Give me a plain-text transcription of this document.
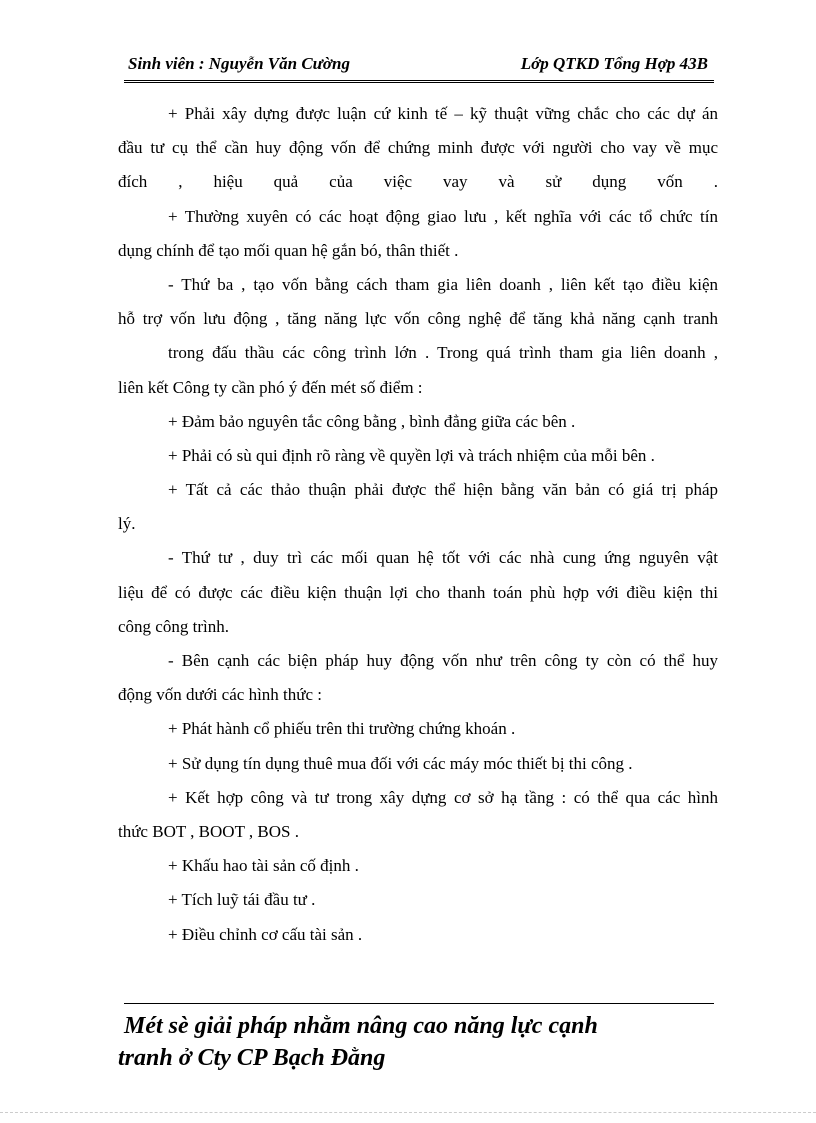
Sinh viên : Nguyễn Văn Cường	Lớp QTKD Tổng Hợp 43B
+ Phải xây dựng được luận cứ kinh tế – kỹ thuật vững chắc cho các dự án
đầu tư cụ thể cần huy động vốn để chứng minh được với người cho vay về mục
đích , hiệu quả của việc vay và sử dụng vốn .
+ Thường xuyên có các hoạt động giao lưu , kết nghĩa với các tổ chức tín
dụng chính để tạo mối quan hệ gắn bó, thân thiết .
- Thứ ba , tạo vốn bằng cách tham gia liên doanh , liên kết tạo điều kiện
hỗ trợ vốn lưu động , tăng năng lực vốn công nghệ để tăng khả năng cạnh tranh
trong đấu thầu các công trình lớn . Trong quá trình tham gia liên doanh ,
liên kết Công ty cần phó ý đến mét số điểm :
+ Đảm bảo nguyên tắc công bằng , bình đẳng giữa các bên .
+ Phải có sù qui định rõ ràng về quyền lợi và trách nhiệm của mỗi bên .
+ Tất cả các thảo thuận phải được thể hiện bằng văn bản có giá trị pháp
lý.
- Thứ tư , duy trì các mối quan hệ tốt với các nhà cung ứng nguyên vật
liệu để có được các điều kiện thuận lợi cho thanh toán phù hợp với điều kiện thi
công công trình.
- Bên cạnh các biện pháp huy động vốn như trên công ty còn có thể huy
động vốn dưới các hình thức :
+ Phát hành cổ phiếu trên thi trường chứng khoán .
+ Sử dụng tín dụng thuê mua đối với các máy móc thiết bị thi công .
+ Kết hợp công và tư trong xây dựng cơ sở hạ tầng : có thể qua các hình
thức BOT , BOOT , BOS .
+ Khấu hao tài sản cố định .
+ Tích luỹ tái đầu tư .
+ Điều chỉnh cơ cấu tài sản .
Mét sè giải pháp nhằm nâng cao năng lực cạnh
tranh ở Cty CP Bạch Đằng
